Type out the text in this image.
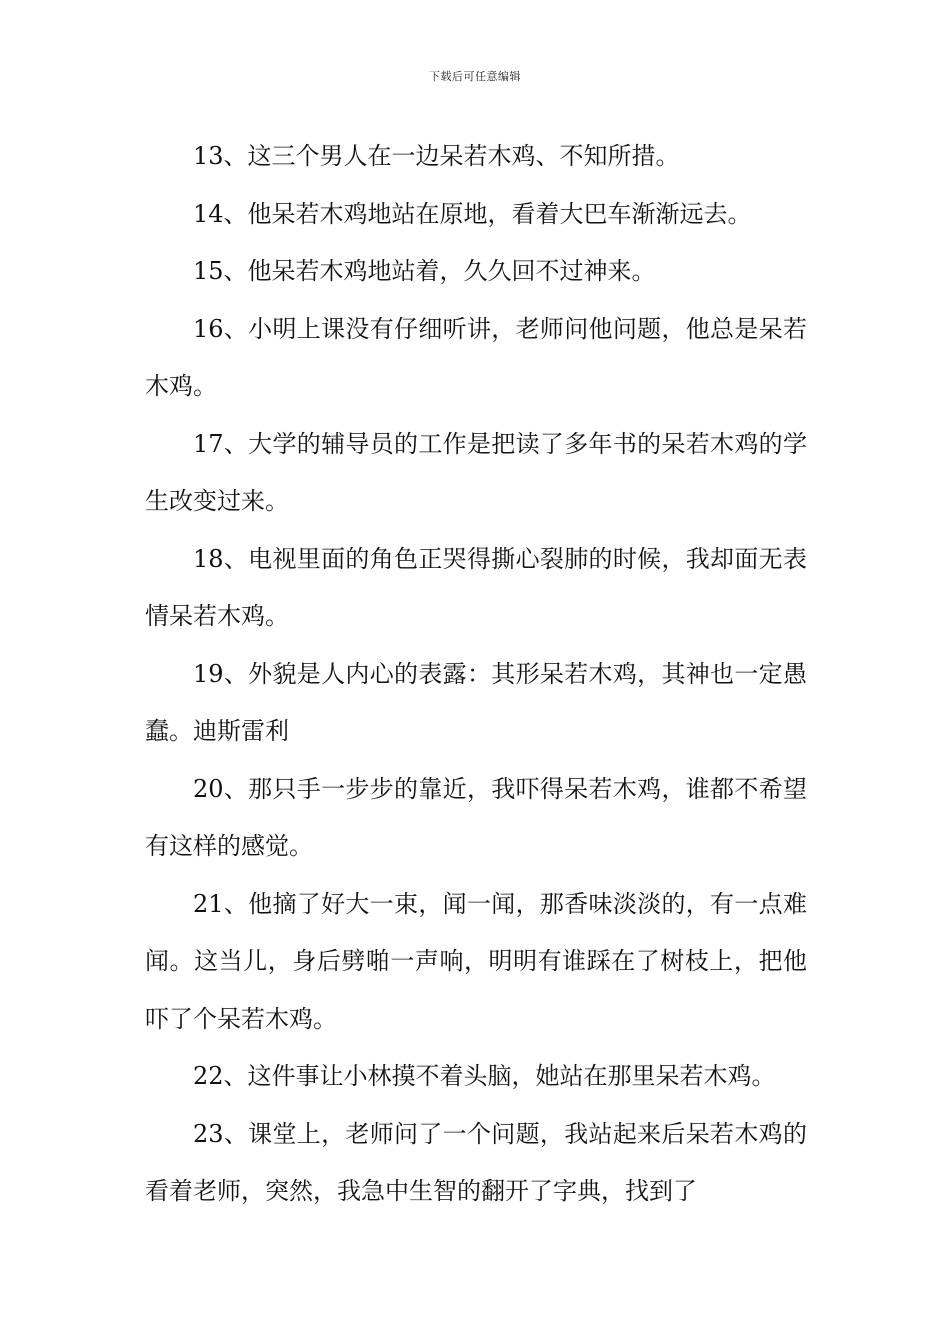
下载后可任意编辑

13、这三个男人在一边呆若木鸡、不知所措。

14、他呆若木鸡地站在原地，看着大巴车渐渐远去。

15、他呆若木鸡地站着，久久回不过神来。

16、小明上课没有仔细听讲，老师问他问题，他总是呆若木鸡。

17、大学的辅导员的工作是把读了多年书的呆若木鸡的学生改变过来。

18、电视里面的角色正哭得撕心裂肺的时候，我却面无表情呆若木鸡。

19、外貌是人内心的表露：其形呆若木鸡，其神也一定愚蠢。迪斯雷利

20、那只手一步步的靠近，我吓得呆若木鸡，谁都不希望有这样的感觉。

21、他摘了好大一束，闻一闻，那香味淡淡的，有一点难闻。这当儿，身后劈啪一声响，明明有谁踩在了树枝上，把他吓了个呆若木鸡。

22、这件事让小林摸不着头脑，她站在那里呆若木鸡。

23、课堂上，老师问了一个问题，我站起来后呆若木鸡的看着老师，突然，我急中生智的翻开了字典，找到了
